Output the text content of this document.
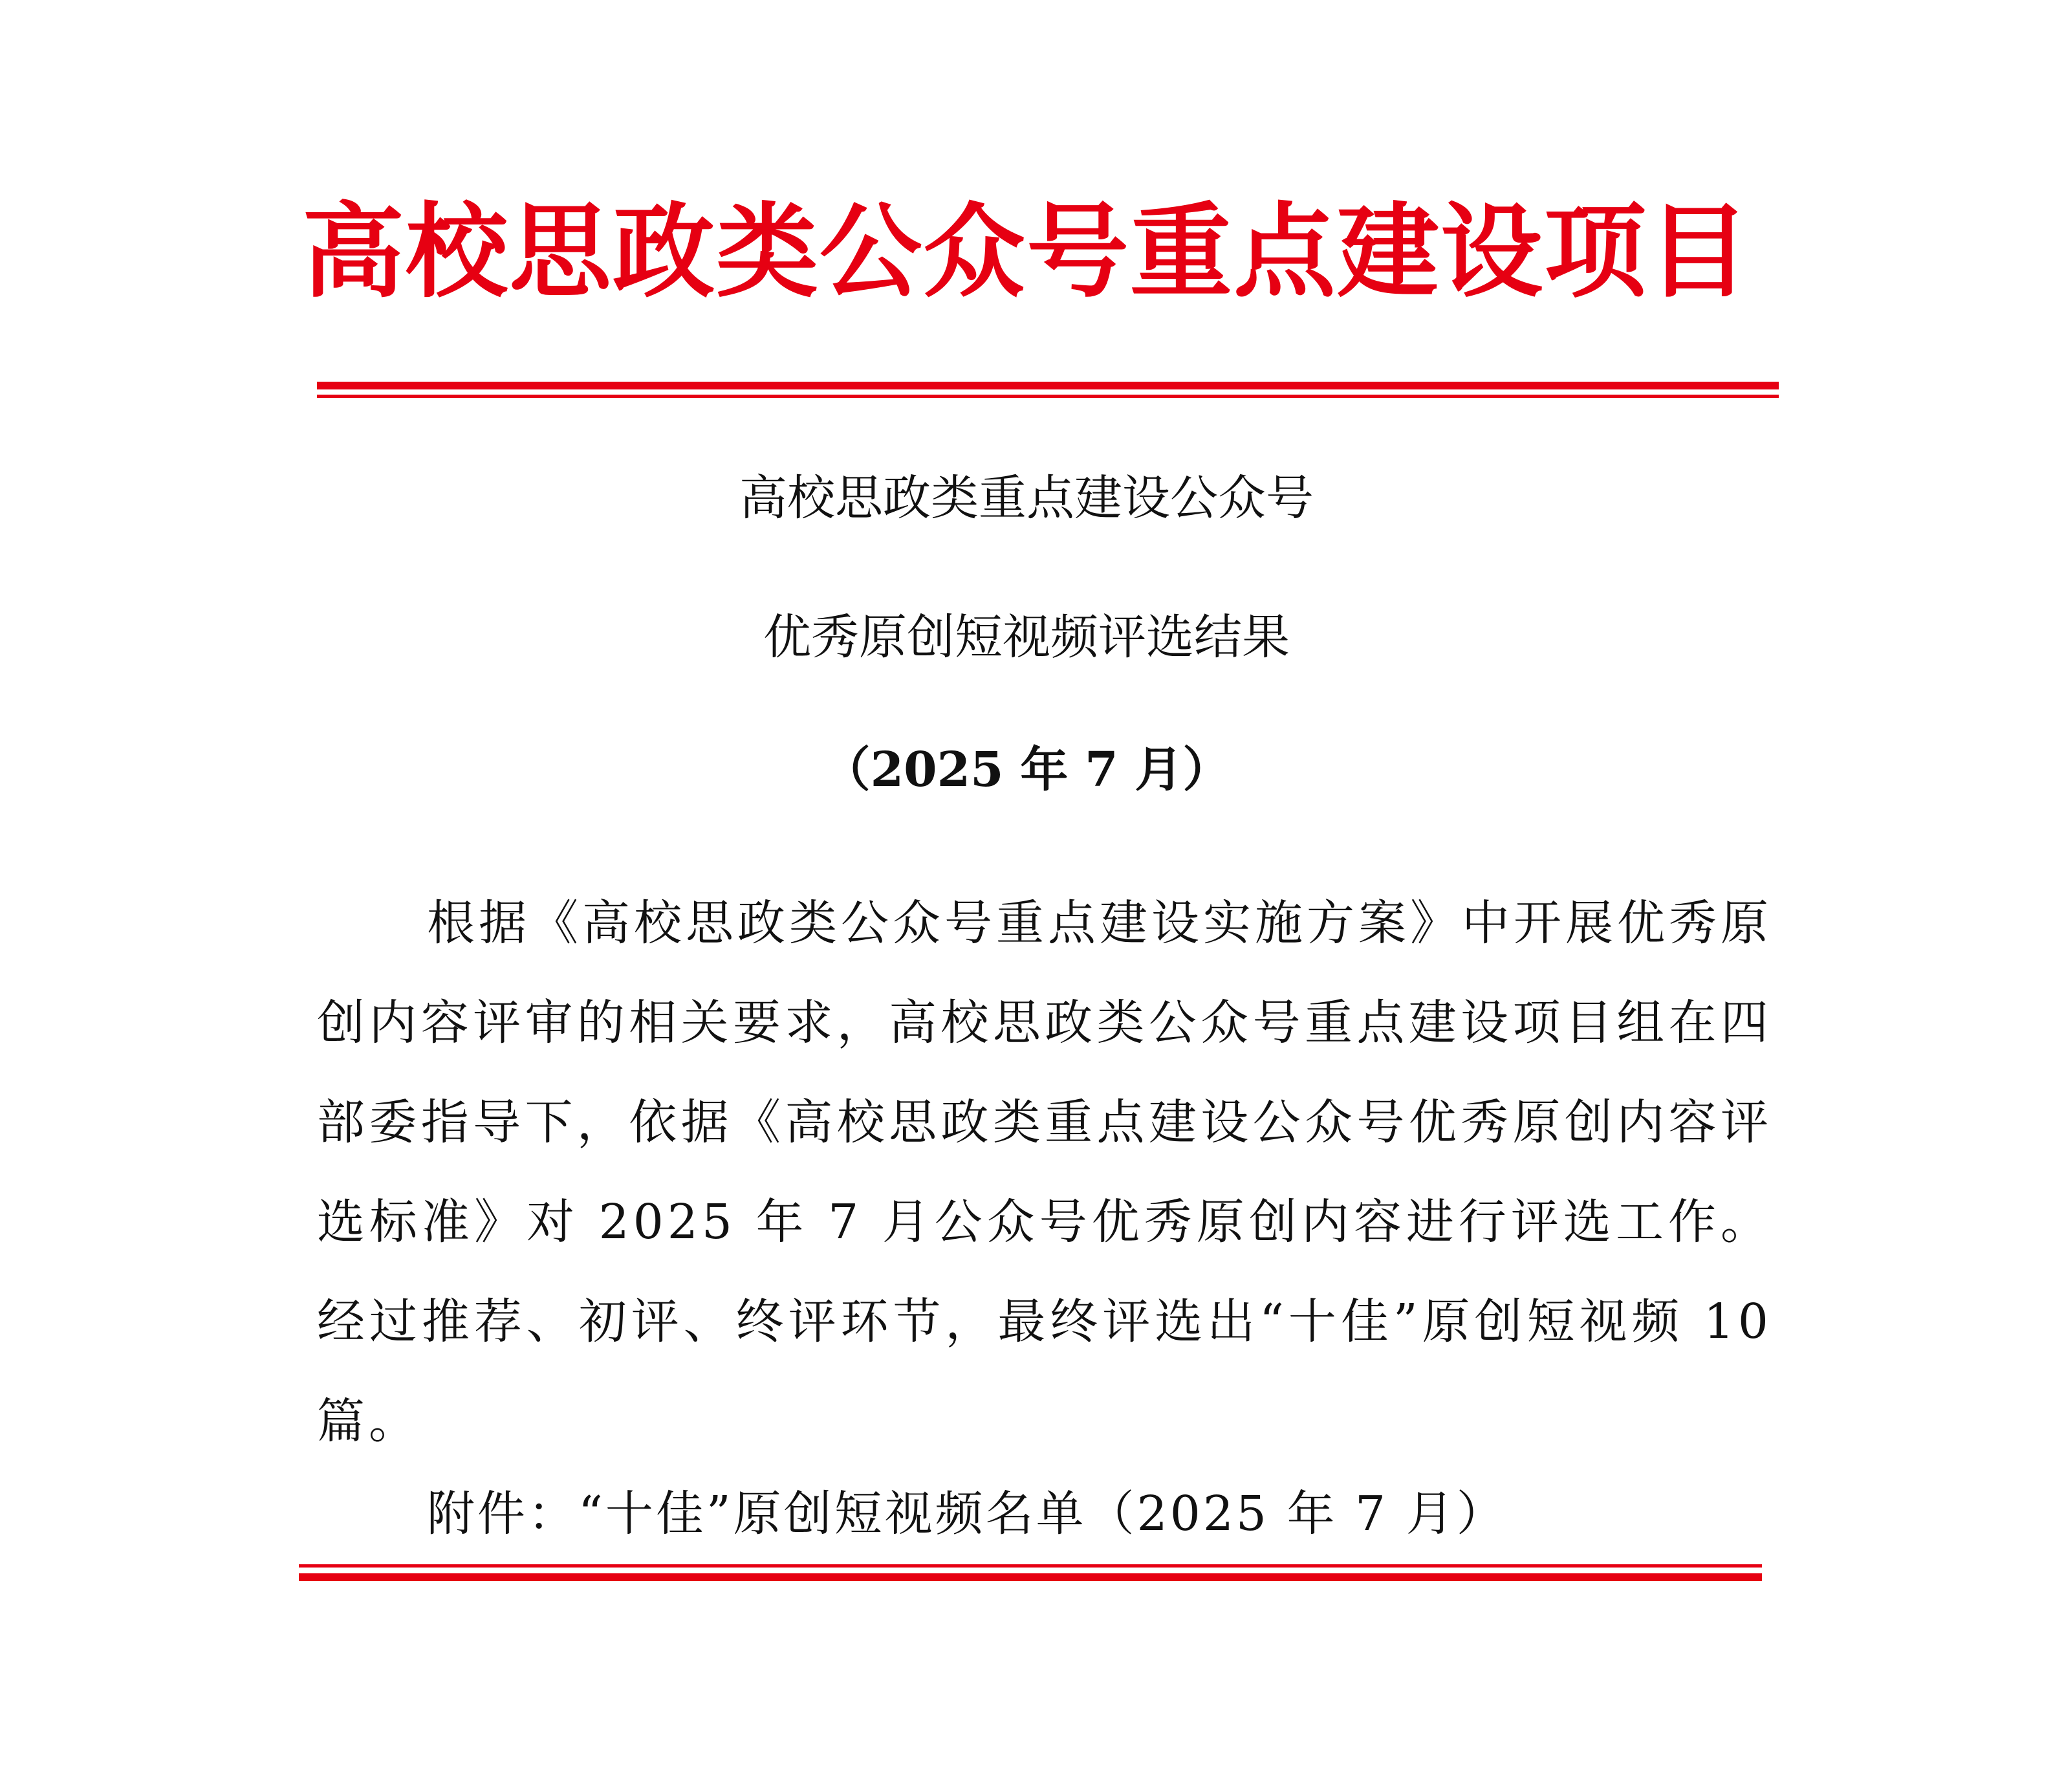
高校思政类公众号重点建设项目
高校思政类重点建设公众号
优秀原创短视频评选结果
（2025 年 7 月）
根据《高校思政类公众号重点建设实施方案》中开展优秀原创内容评审的相关要求，高校思政类公众号重点建设项目组在四部委指导下，依据《高校思政类重点建设公众号优秀原创内容评选标准》对 2025 年 7 月公众号优秀原创内容进行评选工作。经过推荐、初评、终评环节，最终评选出“十佳”原创短视频 10 篇。
附件：“十佳”原创短视频名单（2025 年 7 月）
